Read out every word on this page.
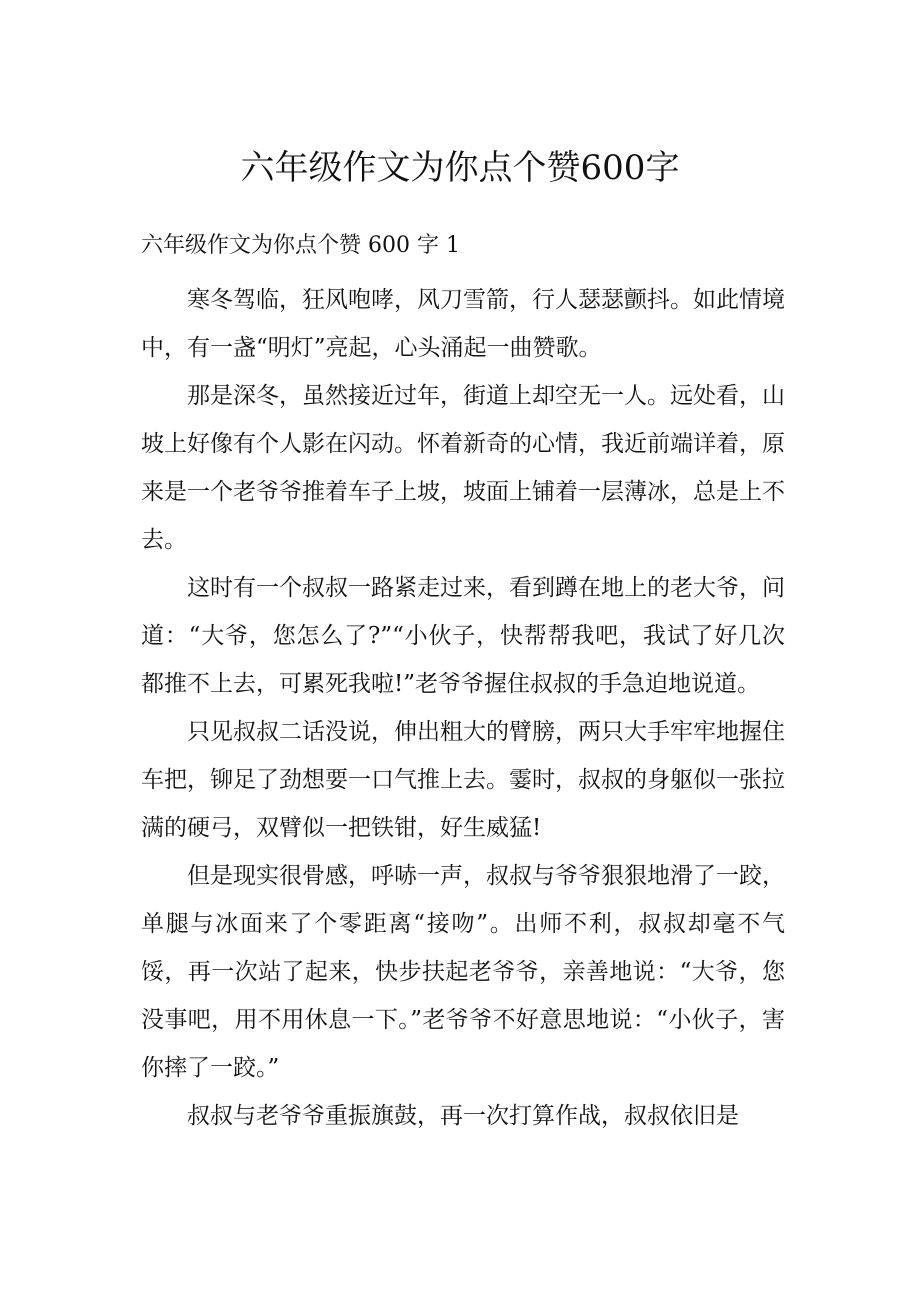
六年级作文为你点个赞600字

六年级作文为你点个赞 600 字 1

寒冬驾临，狂风咆哮，风刀雪箭，行人瑟瑟颤抖。如此情境中，有一盏“明灯”亮起，心头涌起一曲赞歌。

那是深冬，虽然接近过年，街道上却空无一人。远处看，山坡上好像有个人影在闪动。怀着新奇的心情，我近前端详着，原来是一个老爷爷推着车子上坡，坡面上铺着一层薄冰，总是上不去。

这时有一个叔叔一路紧走过来，看到蹲在地上的老大爷，问道：“大爷，您怎么了?”“小伙子，快帮帮我吧，我试了好几次都推不上去，可累死我啦!”老爷爷握住叔叔的手急迫地说道。

只见叔叔二话没说，伸出粗大的臂膀，两只大手牢牢地握住车把，铆足了劲想要一口气推上去。霎时，叔叔的身躯似一张拉满的硬弓，双臂似一把铁钳，好生威猛!

但是现实很骨感，呼哧一声，叔叔与爷爷狠狠地滑了一跤，单腿与冰面来了个零距离“接吻”。出师不利，叔叔却毫不气馁，再一次站了起来，快步扶起老爷爷，亲善地说：“大爷，您没事吧，用不用休息一下。”老爷爷不好意思地说：“小伙子，害你摔了一跤。”

叔叔与老爷爷重振旗鼓，再一次打算作战，叔叔依旧是
